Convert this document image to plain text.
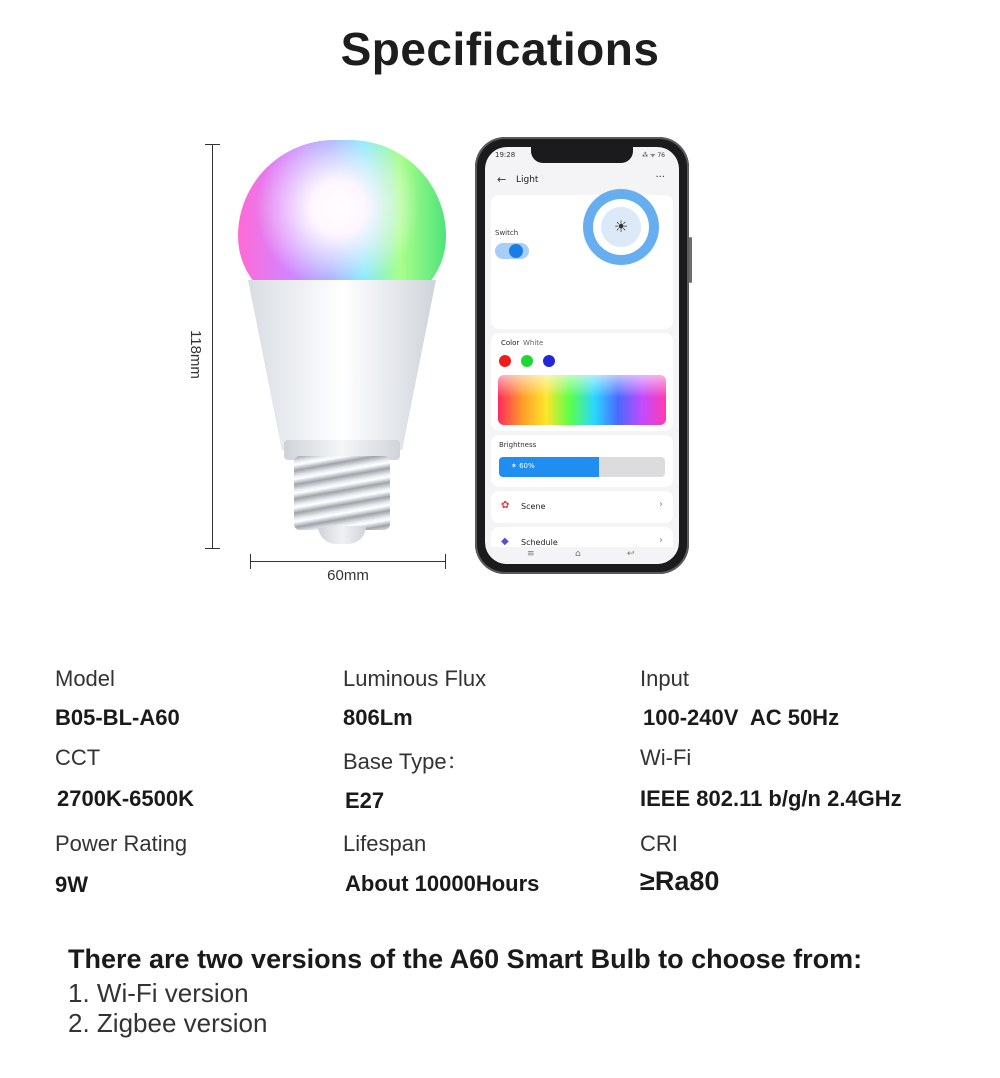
Specifications
118mm
60mm
19:28	⁂ ᯤ 76
← Light	···
Switch	☀
Color White
Brightness
✶ 60%
✿ Scene	›
◆ Schedule	›
≡	⌂	↩
Model
B05-BL-A60
Luminous Flux
806Lm
Input
100-240V  AC 50Hz
CCT
2700K-6500K
Base Type：
E27
Wi-Fi
IEEE 802.11 b/g/n 2.4GHz
Power Rating
9W
Lifespan
About 10000Hours
CRI
≥Ra80
There are two versions of the A60 Smart Bulb to choose from:
1. Wi-Fi version
2. Zigbee version
